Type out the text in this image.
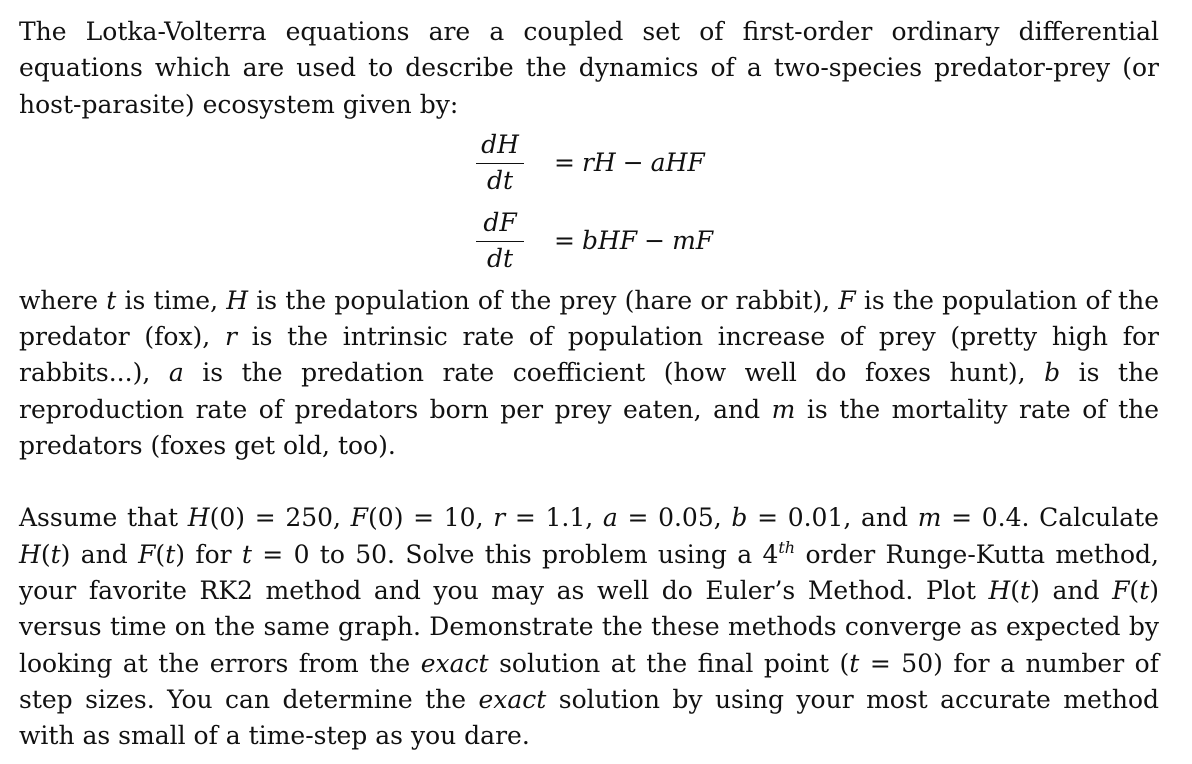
The Lotka-Volterra equations are a coupled set of first-order ordinary differential equations which are used to describe the dynamics of a two-species predator-prey (or host-parasite) ecosystem given by:

dH
dt
= rH − aHF
dF
dt
= bHF − mF

where t is time, H is the population of the prey (hare or rabbit), F is the population of the predator (fox), r is the intrinsic rate of population increase of prey (pretty high for rabbits...), a is the predation rate coefficient (how well do foxes hunt), b is the reproduction rate of predators born per prey eaten, and m is the mortality rate of the predators (foxes get old, too).

Assume that H(0) = 250, F(0) = 10, r = 1.1, a = 0.05, b = 0.01, and m = 0.4. Calculate H(t) and F(t) for t = 0 to 50. Solve this problem using a 4th order Runge-Kutta method, your favorite RK2 method and you may as well do Euler’s Method. Plot H(t) and F(t) versus time on the same graph. Demonstrate the these methods converge as expected by looking at the errors from the exact solution at the final point (t = 50) for a number of step sizes. You can determine the exact solution by using your most accurate method with as small of a time-step as you dare.
